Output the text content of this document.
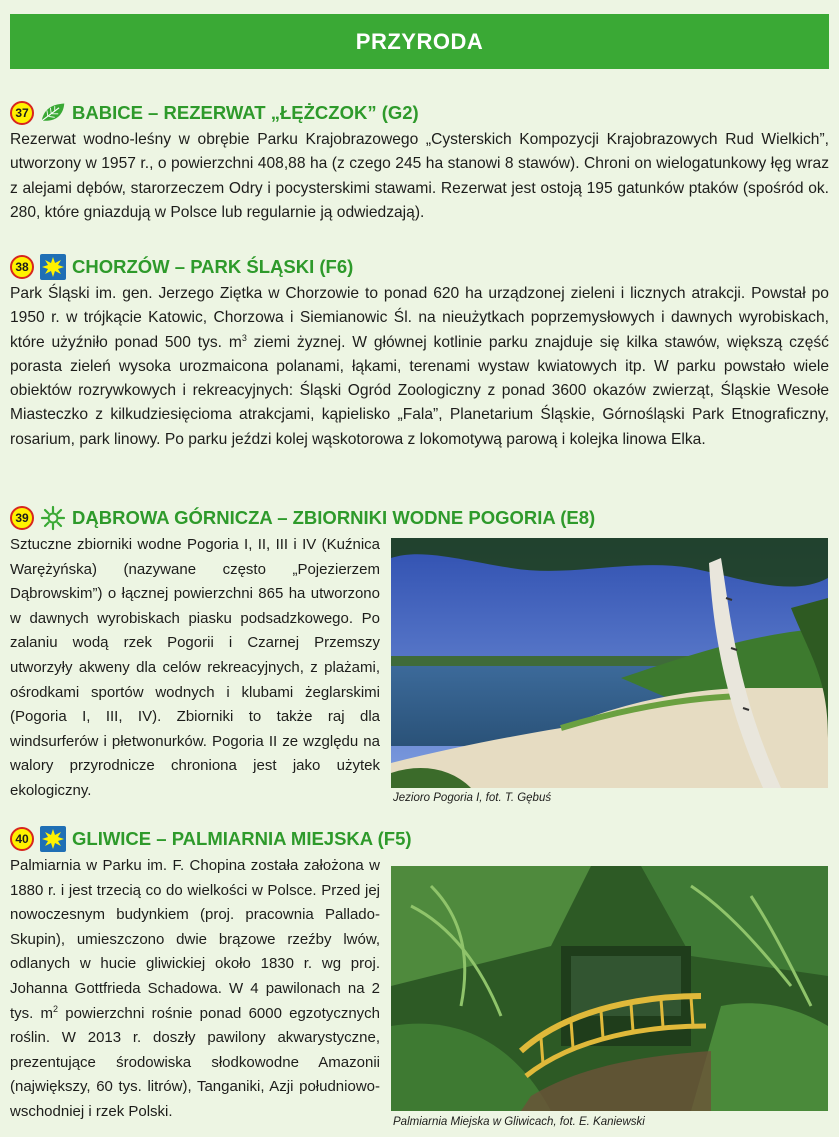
PRZYRODA
37 BABICE – REZERWAT „ŁĘŻCZOK” (G2)

Rezerwat wodno-leśny w obrębie Parku Krajobrazowego „Cysterskich Kompozycji Krajobrazowych Rud Wielkich”, utworzony w 1957 r., o powierzchni 408,88 ha (z czego 245 ha stanowi 8 stawów). Chroni on wielogatunkowy łęg wraz z alejami dębów, starorzeczem Odry i pocysterskimi stawami. Rezerwat jest ostoją 195 gatunków ptaków (spośród ok. 280, które gniazdują w Polsce lub regularnie ją odwiedzają).

38 CHORZÓW – PARK ŚLĄSKI (F6)

Park Śląski im. gen. Jerzego Ziętka w Chorzowie to ponad 620 ha urządzonej zieleni i licznych atrakcji. Powstał po 1950 r. w trójkącie Katowic, Chorzowa i Siemianowic Śl. na nieużytkach poprzemysłowych i dawnych wyrobiskach, które użyźniło ponad 500 tys. $m^3$ ziemi żyznej. W głównej kotlinie parku znajduje się kilka stawów, większą część porasta zieleń wysoka urozmaicona polanami, łąkami, terenami wystaw kwiatowych itp. W parku powstało wiele obiektów rozrywkowych i rekreacyjnych: Śląski Ogród Zoologiczny z ponad 3600 okazów zwierząt, Śląskie Wesołe Miasteczko z kilkudziesięcioma atrakcjami, kąpielisko „Fala”, Planetarium Śląskie, Górnośląski Park Etnograficzny, rosarium, park linowy. Po parku jeździ kolej wąskotorowa z lokomotywą parową i kolejka linowa Elka.

39 DĄBROWA GÓRNICZA – ZBIORNIKI WODNE POGORIA (E8)

Sztuczne zbiorniki wodne Pogoria I, II, III i IV (Kuźnica Warężyńska) (nazywane często „Pojezierzem Dąbrowskim”) o łącznej powierzchni 865 ha utworzono w dawnych wyrobiskach piasku podsadzkowego. Po zalaniu wodą rzek Pogorii i Czarnej Przemszy utworzyły akweny dla celów rekreacyjnych, z plażami, ośrodkami sportów wodnych i klubami żeglarskimi (Pogoria I, III, IV). Zbiorniki to także raj dla windsurferów i płetwonurków. Pogoria II ze względu na walory przyrodnicze chroniona jest jako użytek ekologiczny.	Jezioro Pogoria I, fot. T. Gębuś
40 GLIWICE – PALMIARNIA MIEJSKA (F5)

Palmiarnia w Parku im. F. Chopina została założona w 1880 r. i jest trzecią co do wielkości w Polsce. Przed jej nowoczesnym budynkiem (proj. pracownia Pallado-Skupin), umieszczono dwie brązowe rzeźby lwów, odlanych w hucie gliwickiej około 1830 r. wg proj. Johanna Gottfrieda Schadowa. W 4 pawilonach na 2 tys. $m^2$ powierzchni rośnie ponad 6000 egzotycznych roślin. W 2013 r. doszły pawilony akwarystyczne, prezentujące środowiska słodkowodne Amazonii (największy, 60 tys. litrów), Tanganiki, Azji południowo-wschodniej i rzek Polski.

Palmiarnia Miejska w Gliwicach, fot. E. Kaniewski
